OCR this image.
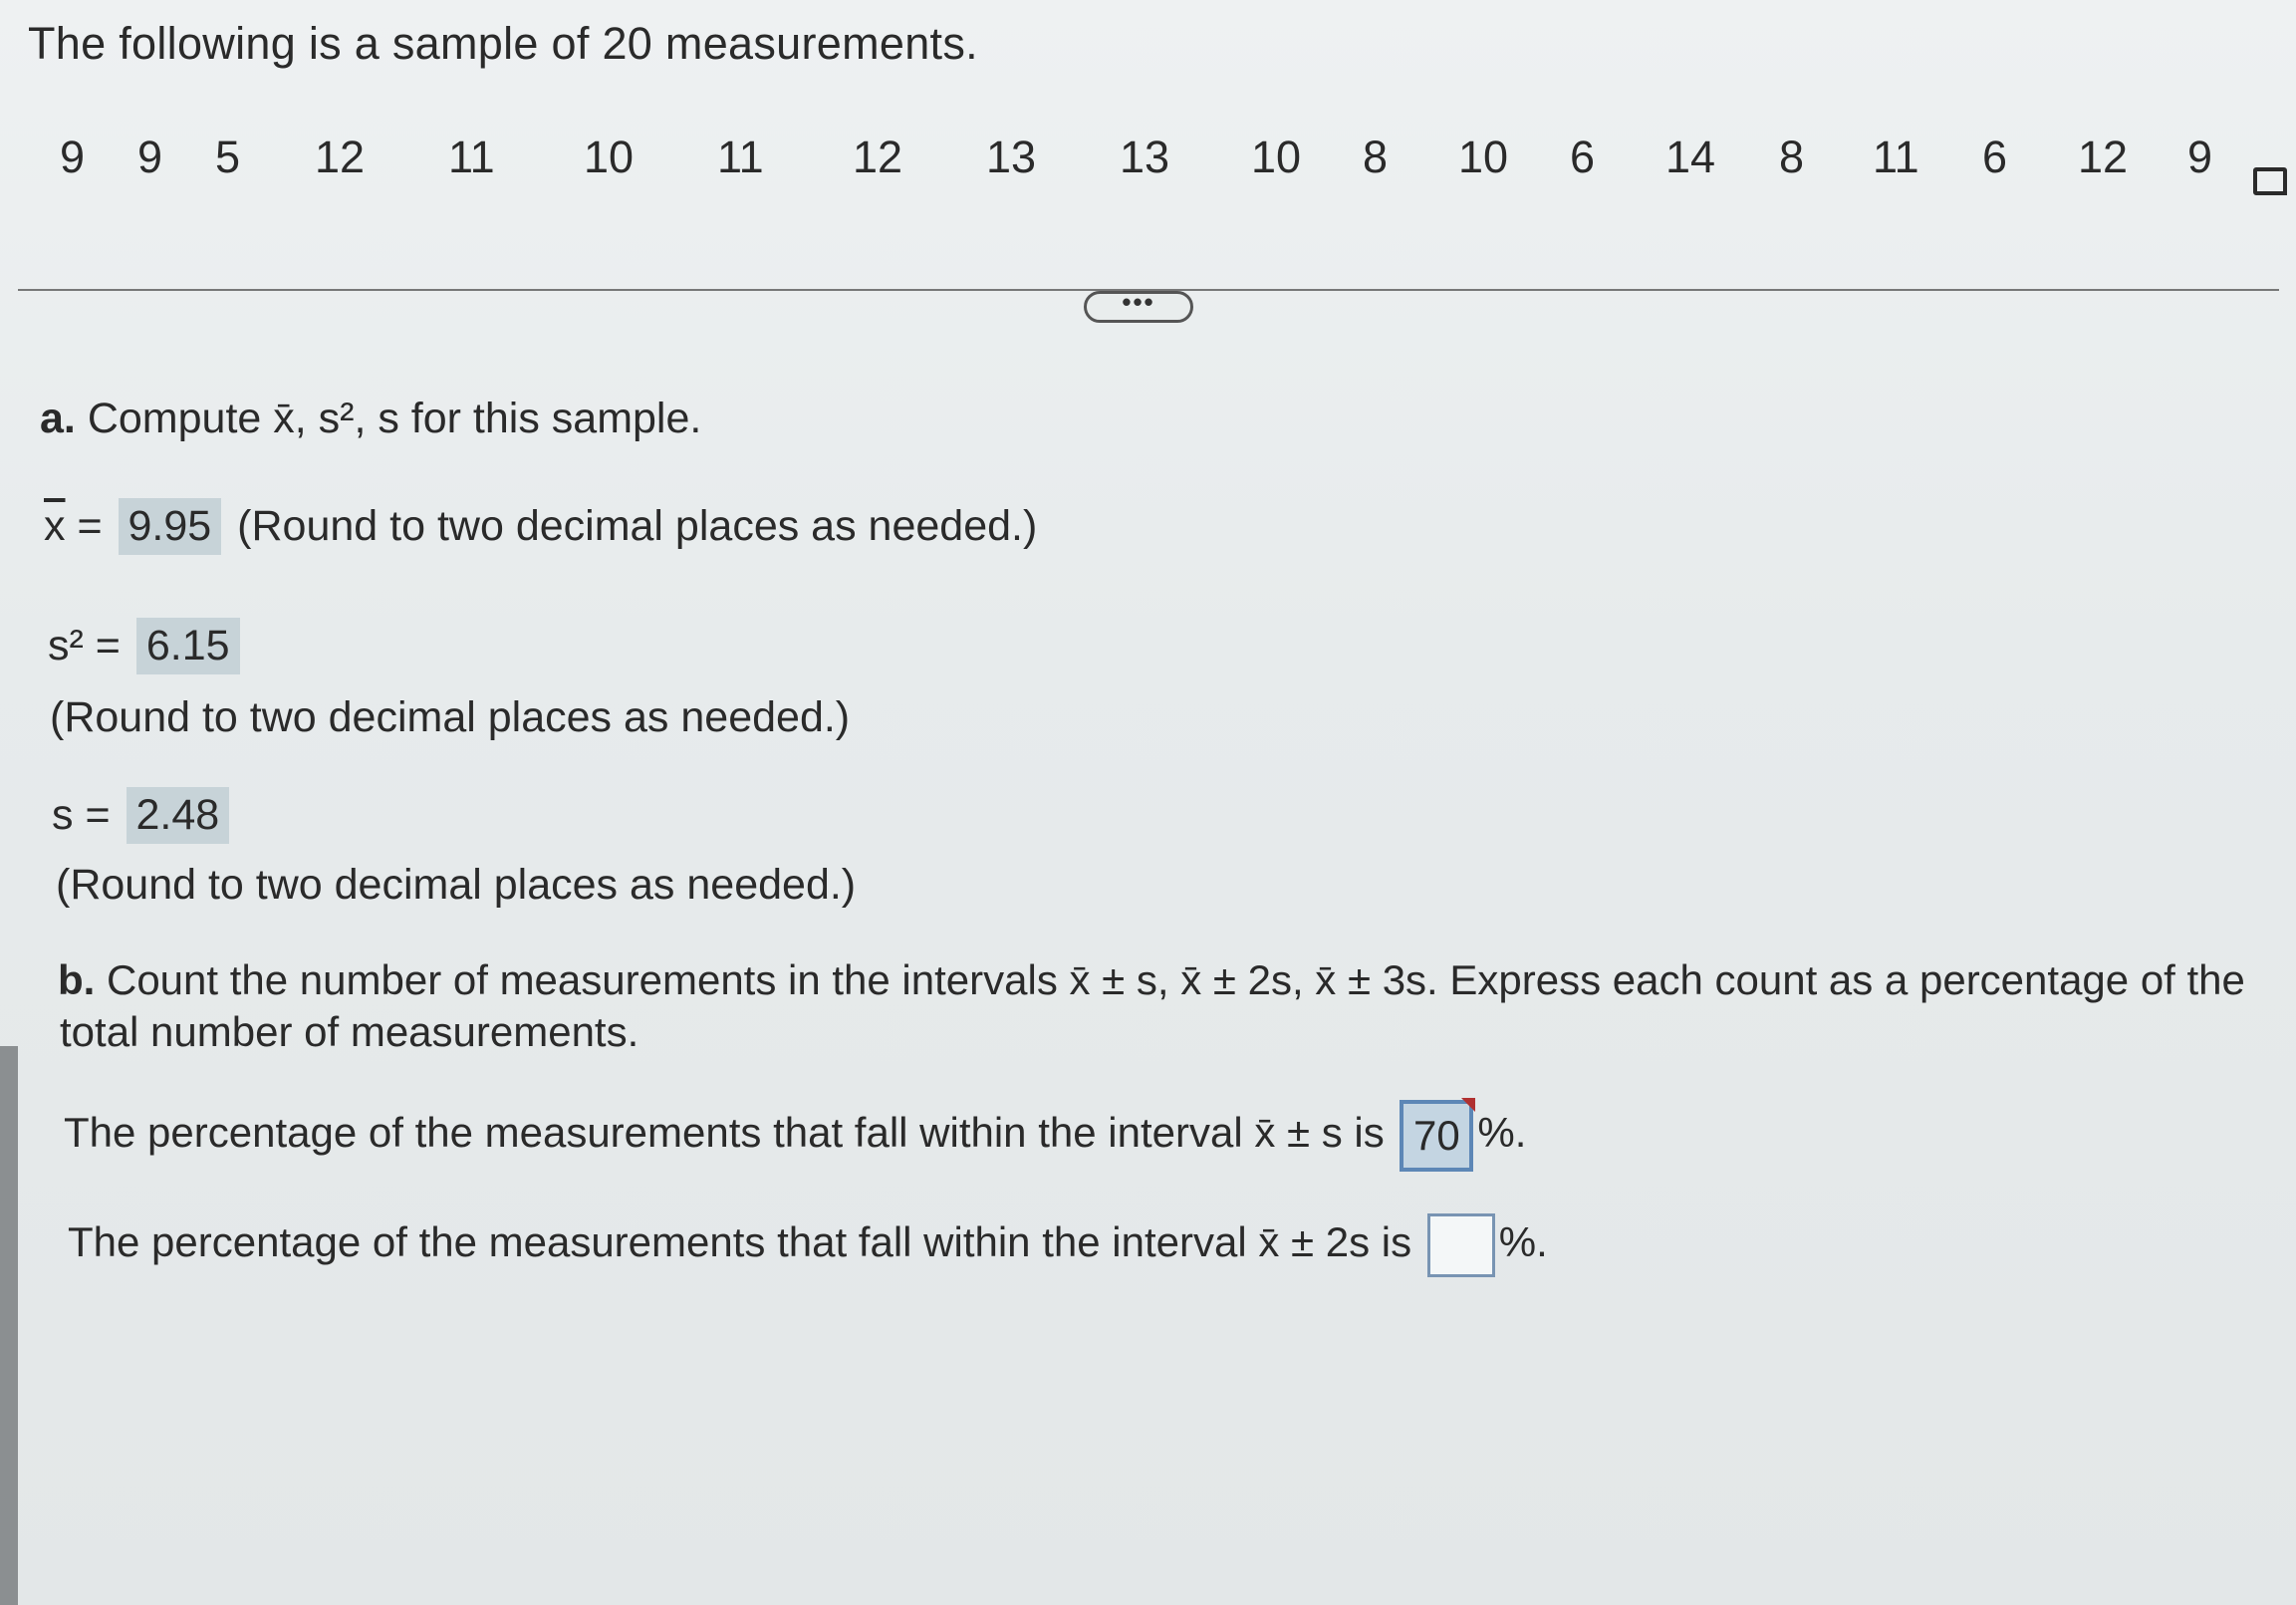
The following is a sample of 20 measurements.
9 9 5 12 11 10 11 12 13 13 10 8 10 6 14 8 11 6 12 9
•••
a. Compute x̄, s², s for this sample.
$\overline{x} = 9.95$ (Round to two decimal places as needed.)
s² = 6.15
(Round to two decimal places as needed.)
s = 2.48
(Round to two decimal places as needed.)
b. Count the number of measurements in the intervals x̄ ± s, x̄ ± 2s, x̄ ± 3s. Express each count as a percentage of the
total number of measurements.
The percentage of the measurements that fall within the interval x̄ ± s is 70 %.
The percentage of the measurements that fall within the interval x̄ ± 2s is %.
